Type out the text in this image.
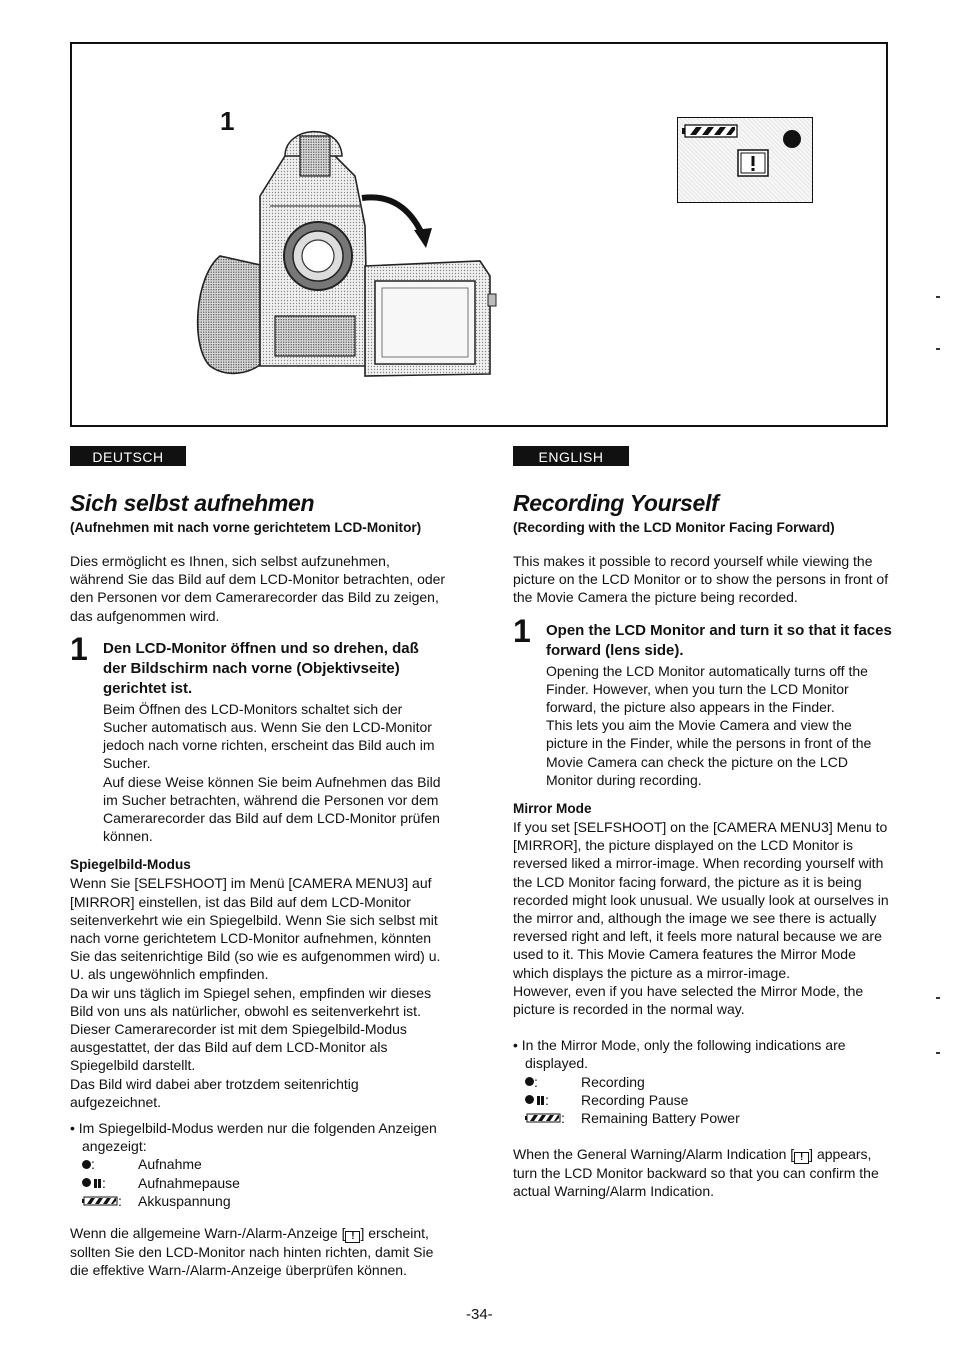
1
DEUTSCH
Sich selbst aufnehmen
(Aufnehmen mit nach vorne gerichtetem LCD-Monitor)

Dies ermöglicht es Ihnen, sich selbst aufzunehmen, während Sie das Bild auf dem LCD-Monitor betrachten, oder den Personen vor dem Camerarecorder das Bild zu zeigen, das aufgenommen wird.

1 Den LCD-Monitor öffnen und so drehen, daß der Bildschirm nach vorne (Objektivseite) gerichtet ist.

Beim Öffnen des LCD-Monitors schaltet sich der Sucher automatisch aus. Wenn Sie den LCD-Monitor jedoch nach vorne richten, erscheint das Bild auch im Sucher.

Auf diese Weise können Sie beim Aufnehmen das Bild im Sucher betrachten, während die Personen vor dem Camerarecorder das Bild auf dem LCD-Monitor prüfen können.

Spiegelbild-Modus

Wenn Sie [SELFSHOOT] im Menü [CAMERA MENU3] auf [MIRROR] einstellen, ist das Bild auf dem LCD-Monitor seitenverkehrt wie ein Spiegelbild. Wenn Sie sich selbst mit nach vorne gerichtetem LCD-Monitor aufnehmen, könnten Sie das seitenrichtige Bild (so wie es aufgenommen wird) u. U. als ungewöhnlich empfinden.

Da wir uns täglich im Spiegel sehen, empfinden wir dieses Bild von uns als natürlicher, obwohl es seitenverkehrt ist. Dieser Camerarecorder ist mit dem Spiegelbild-Modus ausgestattet, der das Bild auf dem LCD-Monitor als Spiegelbild darstellt.

Das Bild wird dabei aber trotzdem seitenrichtig aufgezeichnet.

• Im Spiegelbild-Modus werden nur die folgenden Anzeigen angezeigt:

:	Aufnahme
:	Aufnahmepause
:	Akkuspannung

Wenn die allgemeine Warn-/Alarm-Anzeige [ ! ] erscheint, sollten Sie den LCD-Monitor nach hinten richten, damit Sie die effektive Warn-/Alarm-Anzeige überprüfen können.

ENGLISH
Recording Yourself
(Recording with the LCD Monitor Facing Forward)

This makes it possible to record yourself while viewing the picture on the LCD Monitor or to show the persons in front of the Movie Camera the picture being recorded.

1 Open the LCD Monitor and turn it so that it faces forward (lens side).

Opening the LCD Monitor automatically turns off the Finder. However, when you turn the LCD Monitor forward, the picture also appears in the Finder.

This lets you aim the Movie Camera and view the picture in the Finder, while the persons in front of the Movie Camera can check the picture on the LCD Monitor during recording.

Mirror Mode

If you set [SELFSHOOT] on the [CAMERA MENU3] Menu to [MIRROR], the picture displayed on the LCD Monitor is reversed liked a mirror-image. When recording yourself with the LCD Monitor facing forward, the picture as it is being recorded might look unusual. We usually look at ourselves in the mirror and, although the image we see there is actually reversed right and left, it feels more natural because we are used to it. This Movie Camera features the Mirror Mode which displays the picture as a mirror-image.

However, even if you have selected the Mirror Mode, the picture is recorded in the normal way.

• In the Mirror Mode, only the following indications are displayed.

:	Recording
:	Recording Pause
:	Remaining Battery Power

When the General Warning/Alarm Indication [ ! ] appears, turn the LCD Monitor backward so that you can confirm the actual Warning/Alarm Indication.

-34-
